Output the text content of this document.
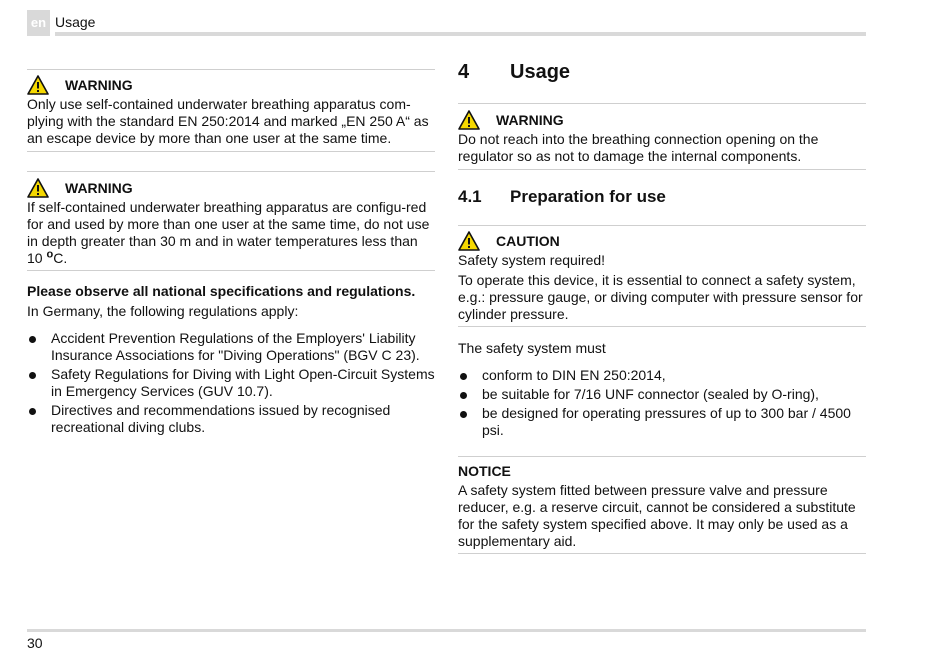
en Usage
WARNING

Only use self-contained underwater breathing apparatus com-plying with the standard EN 250:2014 and marked „EN 250 A“ as an escape device by more than one user at the same time.

WARNING

If self-contained underwater breathing apparatus are configu-red for and used by more than one user at the same time, do not use in depth greater than 30 m and in water temperatures less than 10 $^o$C.

Please observe all national specifications and regulations.

In Germany, the following regulations apply:

Accident Prevention Regulations of the Employers' Liability Insurance Associations for "Diving Operations" (BGV C 23).
Safety Regulations for Diving with Light Open-Circuit Systems in Emergency Services (GUV 10.7).
Directives and recommendations issued by recognised recreational diving clubs.
4 Usage
WARNING

Do not reach into the breathing connection opening on the regulator so as not to damage the internal components.

4.1 Preparation for use
CAUTION

Safety system required!

To operate this device, it is essential to connect a safety system, e.g.: pressure gauge, or diving computer with pressure sensor for cylinder pressure.

The safety system must

conform to DIN EN 250:2014,
be suitable for 7/16 UNF connector (sealed by O-ring),
be designed for operating pressures of up to 300 bar / 4500 psi.
NOTICE

A safety system fitted between pressure valve and pressure reducer, e.g. a reserve circuit, cannot be considered a substitute for the safety system specified above. It may only be used as a supplementary aid.

30
